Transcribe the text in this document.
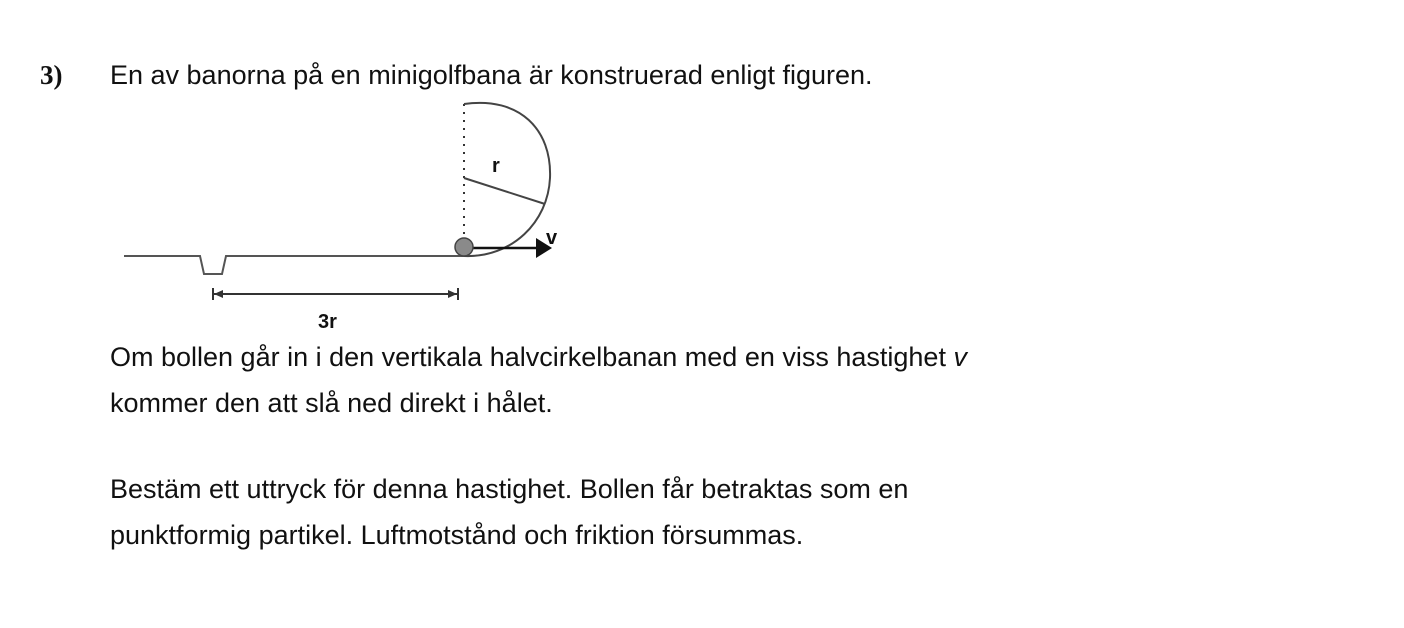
3) En av banorna på en minigolfbana är konstruerad enligt figuren.
r
v
3r
Om bollen går in i den vertikala halvcirkelbanan med en viss hastighet v
kommer den att slå ned direkt i hålet.
Bestäm ett uttryck för denna hastighet. Bollen får betraktas som en
punktformig partikel. Luftmotstånd och friktion försummas.
